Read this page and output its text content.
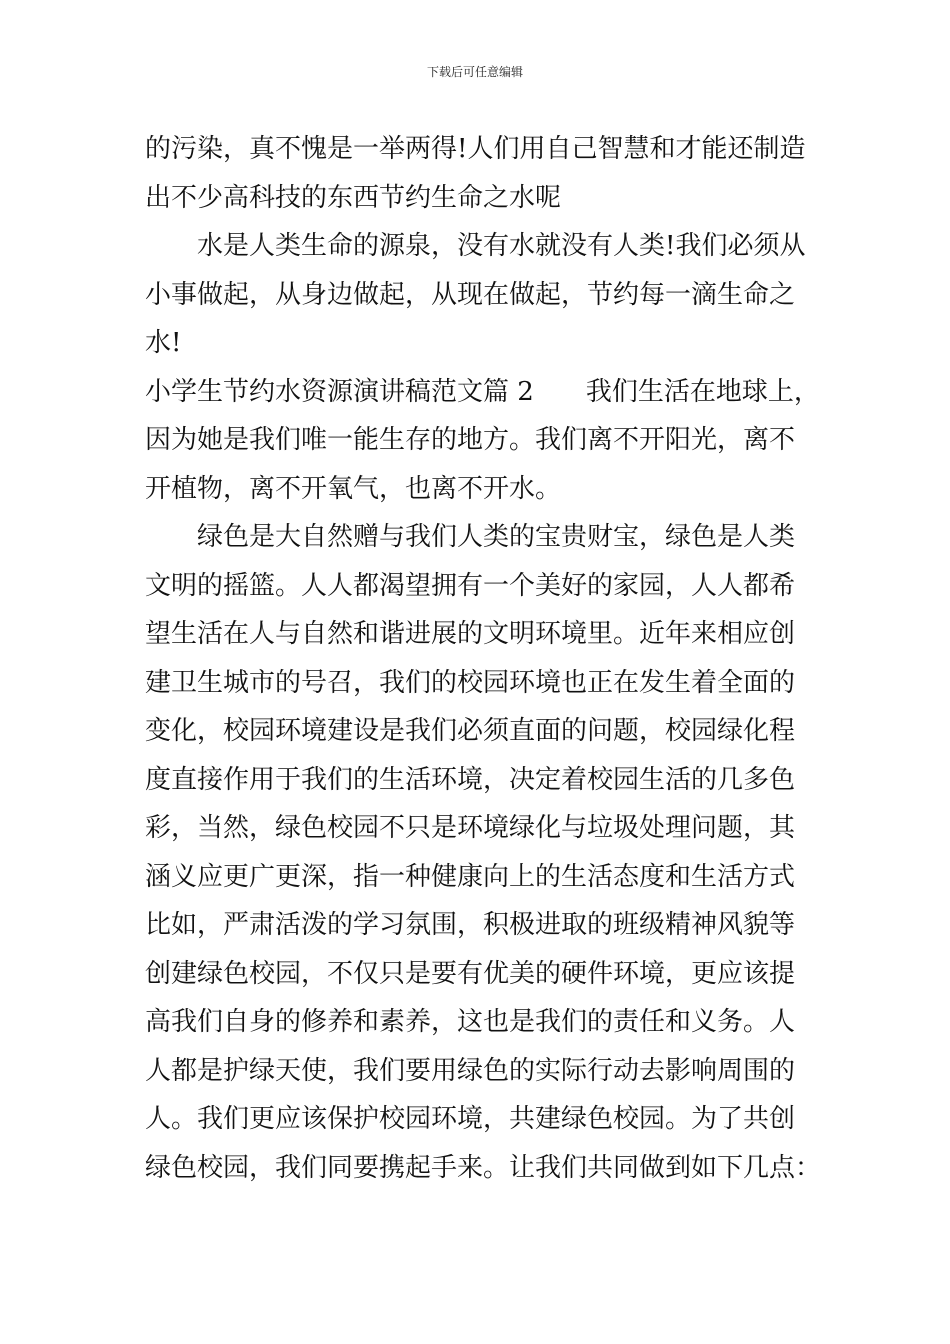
下载后可任意编辑
的污染，真不愧是一举两得!人们用自己智慧和才能还制造
出不少高科技的东西节约生命之水呢
水是人类生命的源泉，没有水就没有人类!我们必须从
小事做起，从身边做起，从现在做起，节约每一滴生命之
水!
小学生节约水资源演讲稿范文篇 2 我们生活在地球上，
因为她是我们唯一能生存的地方。我们离不开阳光，离不
开植物，离不开氧气，也离不开水。
绿色是大自然赠与我们人类的宝贵财宝，绿色是人类
文明的摇篮。人人都渴望拥有一个美好的家园，人人都希
望生活在人与自然和谐进展的文明环境里。近年来相应创
建卫生城市的号召，我们的校园环境也正在发生着全面的
变化，校园环境建设是我们必须直面的问题，校园绿化程
度直接作用于我们的生活环境，决定着校园生活的几多色
彩，当然，绿色校园不只是环境绿化与垃圾处理问题，其
涵义应更广更深，指一种健康向上的生活态度和生活方式
比如，严肃活泼的学习氛围，积极进取的班级精神风貌等
创建绿色校园，不仅只是要有优美的硬件环境，更应该提
高我们自身的修养和素养，这也是我们的责任和义务。人
人都是护绿天使，我们要用绿色的实际行动去影响周围的
人。我们更应该保护校园环境，共建绿色校园。为了共创
绿色校园，我们同要携起手来。让我们共同做到如下几点：
